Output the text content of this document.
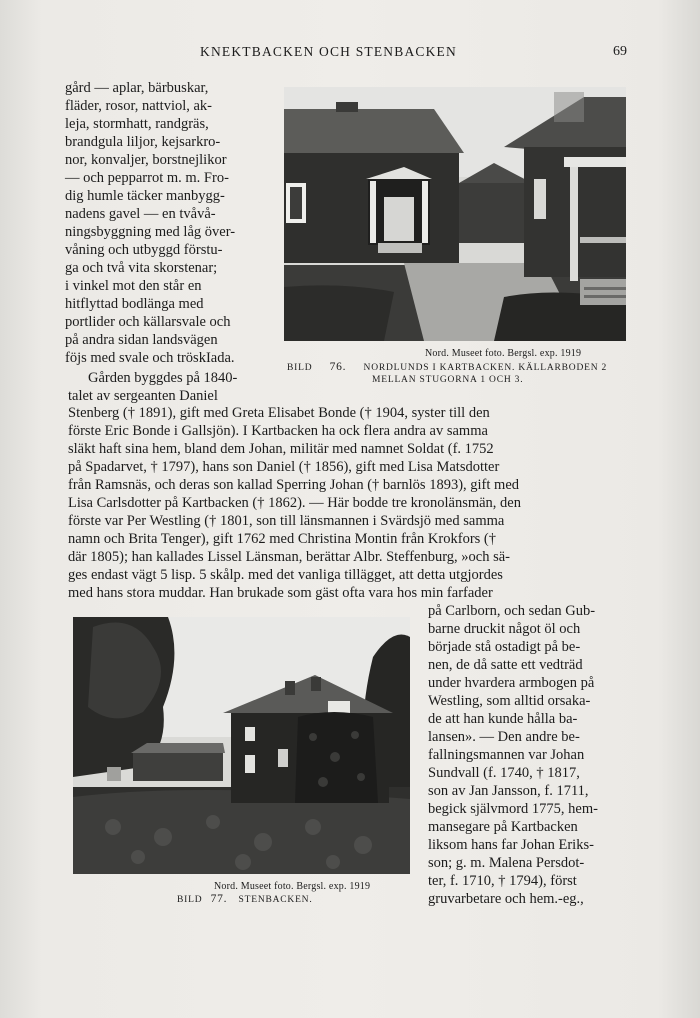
KNEKTBACKEN OCH STENBACKEN	69
gård — aplar, bärbuskar,
fläder, rosor, nattviol, ak-
leja, stormhatt, randgräs,
brandgula liljor, kejsarkro-
nor, konvaljer, borstnejlikor
— och pepparrot m. m. Fro-
dig humle täcker manbygg-
nadens gavel — en tvåvå-
ningsbyggning med låg över-
våning och utbyggd förstu-
ga och två vita skorstenar;
i vinkel mot den står en
hitflyttad bodlänga med
portlider och källarsvale och
på andra sidan landsvägen
föjs med svale och tröskIada.
Gården byggdes på 1840-
talet av sergeanten Daniel
Stenberg († 1891), gift med Greta Elisabet Bonde († 1904, syster till den
förste Eric Bonde i Gallsjön). I Kartbacken ha ock flera andra av samma
släkt haft sina hem, bland dem Johan, militär med namnet Soldat (f. 1752
på Spadarvet, † 1797), hans son Daniel († 1856), gift med Lisa Matsdotter
från Ramsnäs, och deras son kallad Sperring Johan († barnlös 1893), gift med
Lisa Carlsdotter på Kartbacken († 1862). — Här bodde tre kronolänsmän, den
förste var Per Westling († 1801, son till länsmannen i Svärdsjö med samma
namn och Brita Tenger), gift 1762 med Christina Montin från Krokfors (†
där 1805); han kallades Lissel Länsman, berättar Albr. Steffenburg, »och sä-
ges endast vägt 5 lisp. 5 skålp. med det vanliga tillägget, att detta utgjordes
med hans stora muddar. Han brukade som gäst ofta vara hos min farfader
på Carlborn, och sedan Gub-
barne druckit något öl och
började stå ostadigt på be-
nen, de då satte ett vedträd
under hvardera armbogen på
Westling, som alltid orsaka-
de att han kunde hålla ba-
lansen». — Den andre be-
fallningsmannen var Johan
Sundvall (f. 1740, † 1817,
son av Jan Jansson, f. 1711,
begick självmord 1775, hem-
mansegare på Kartbacken
liksom hans far Johan Eriks-
son; g. m. Malena Persdot-
ter, f. 1710, † 1794), först
gruvarbetare och hem.-eg.,
Nord. Museet foto. Bergsl. exp. 1919
BILD 76. NORDLUNDS I KARTBACKEN. KÄLLARBODEN 2
MELLAN STUGORNA 1 OCH 3.
Nord. Museet foto. Bergsl. exp. 1919
BILD 77. STENBACKEN.
